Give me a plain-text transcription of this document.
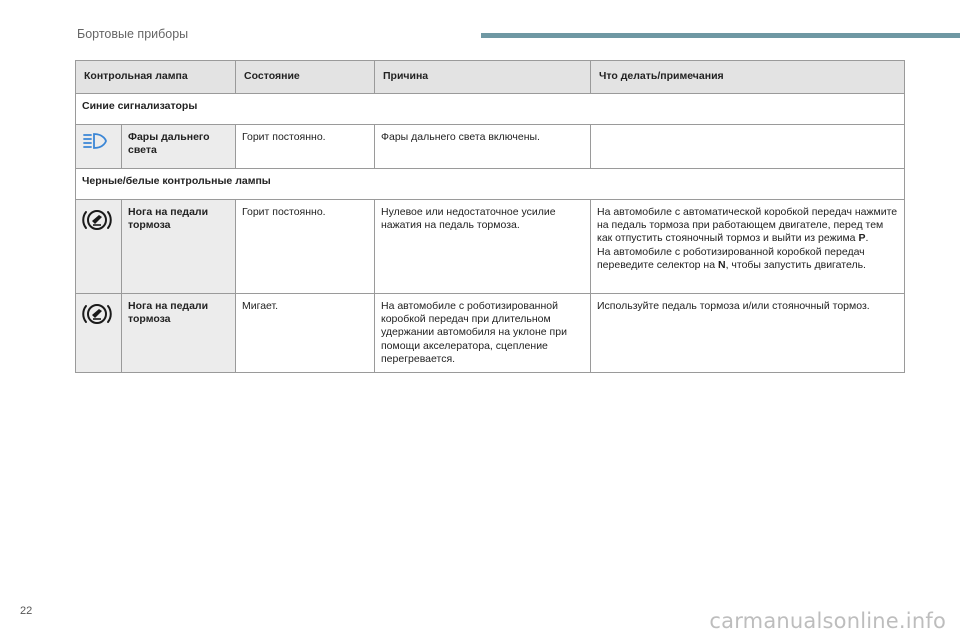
Бортовые приборы
Контрольная лампа		Состояние	Причина	Что делать/примечания
Синие сигнализаторы				
	Фары дальнего света	Горит постоянно.	Фары дальнего света включены.	
Черные/белые контрольные лампы				
	Нога на педали тормоза	Горит постоянно.	Нулевое или недостаточное усилие нажатия на педаль тормоза.	На автомобиле с автоматической коробкой передач нажмите на педаль тормоза при работающем двигателе, перед тем как отпустить стояночный тормоз и выйти из режима P.
На автомобиле с роботизированной коробкой передач переведите селектор на N, чтобы запустить двигатель.
	Нога на педали тормоза	Мигает.	На автомобиле с роботизированной коробкой передач при длительном удержании автомобиля на уклоне при помощи акселератора, сцепление перегревается.	Используйте педаль тормоза и/или стояночный тормоз.
22	carmanualsonline.info
